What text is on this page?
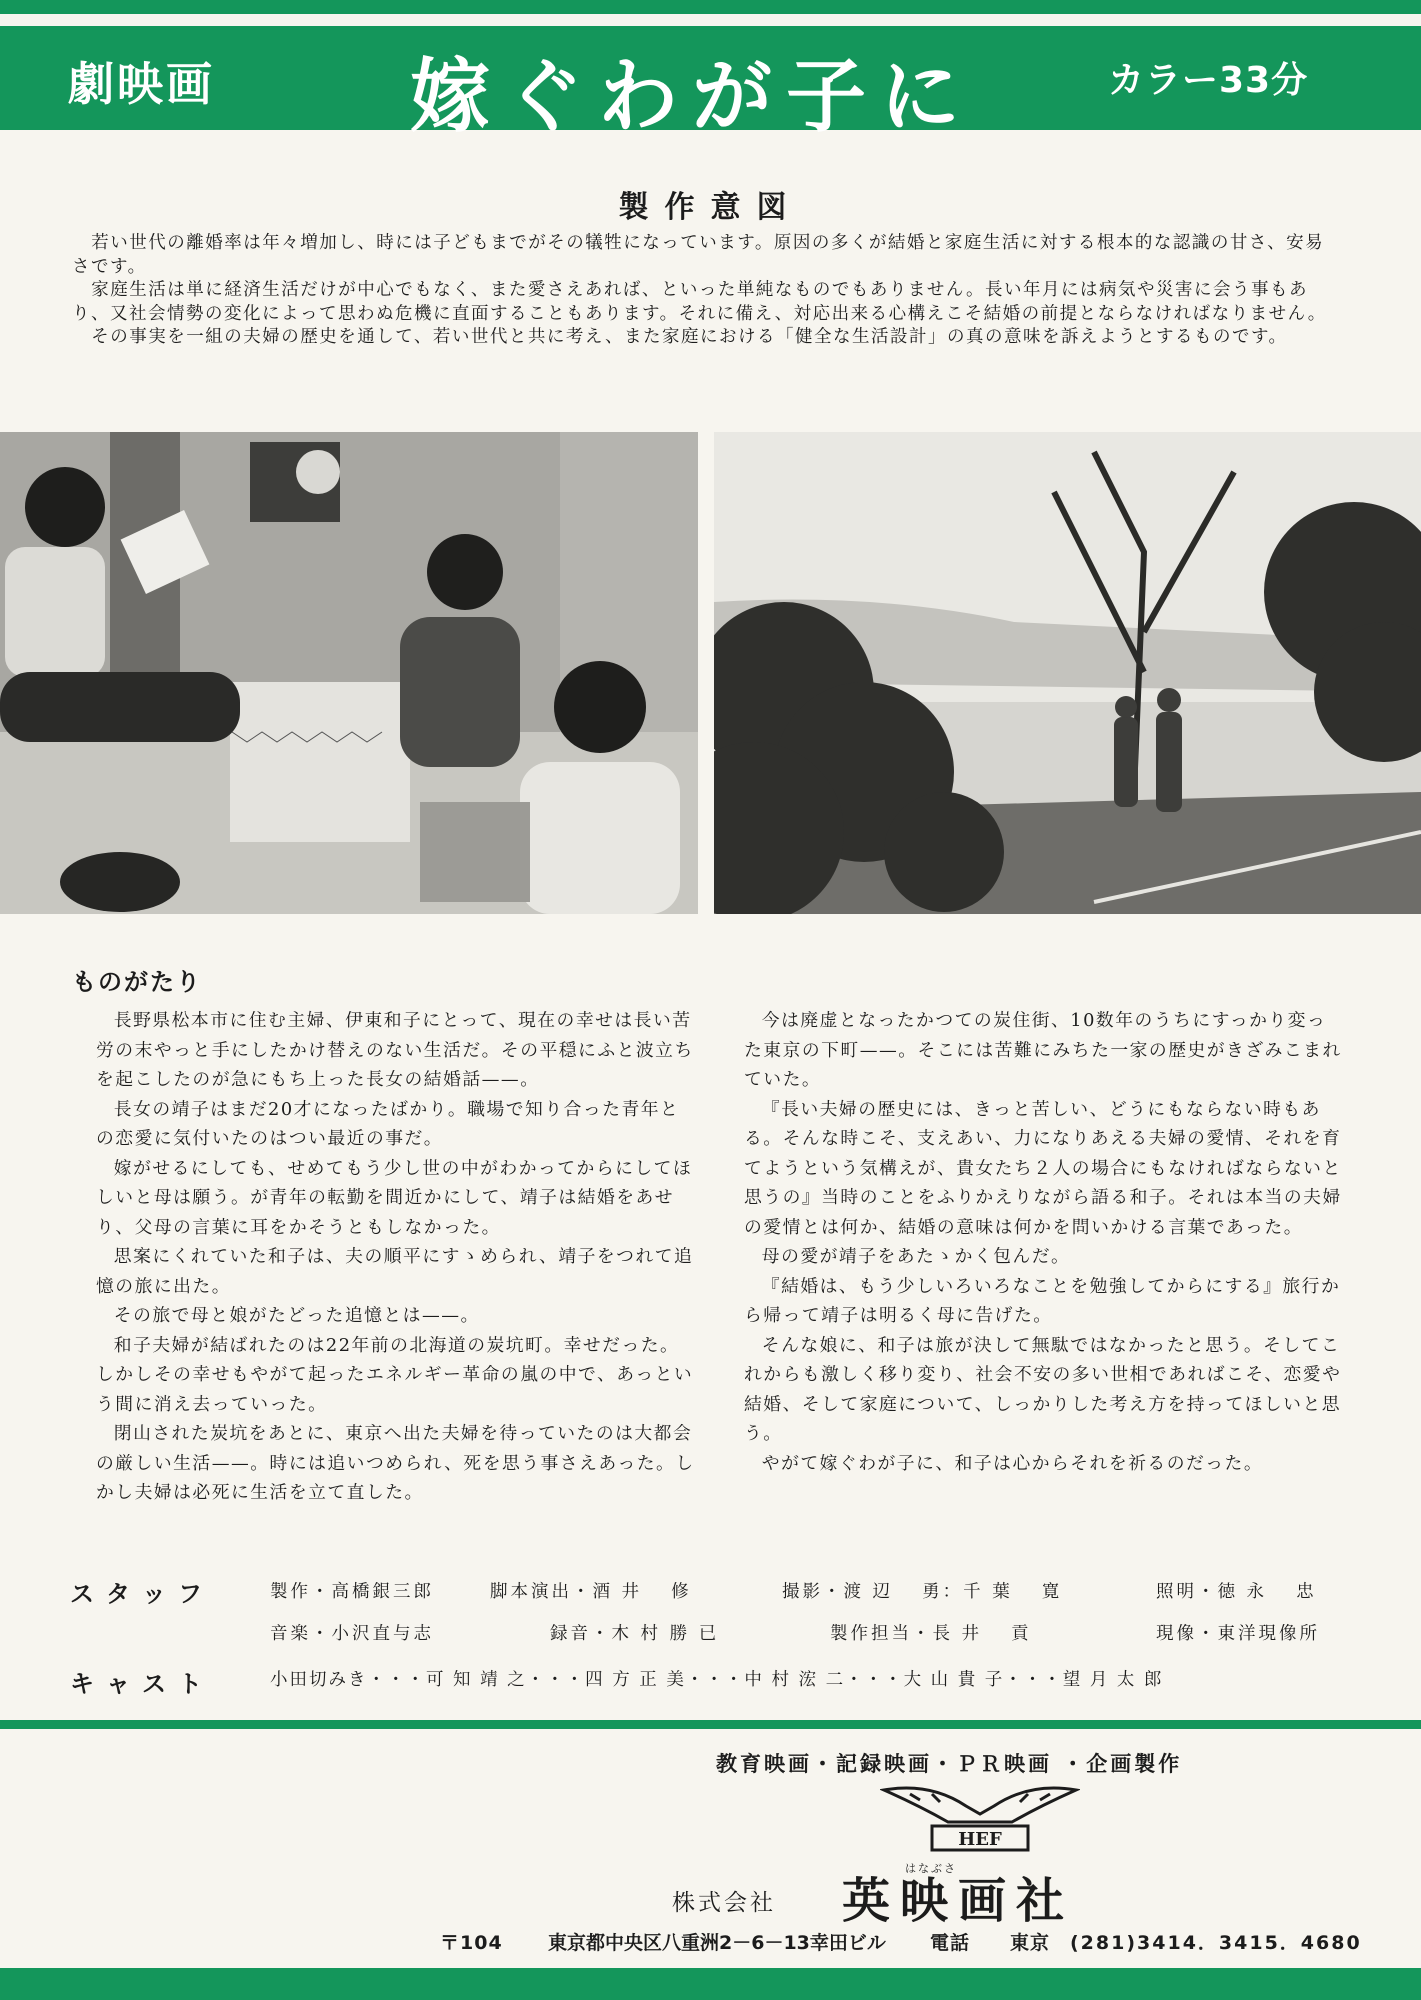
劇映画 嫁ぐわが子に	カラー33分
製作意図

若い世代の離婚率は年々増加し、時には子どもまでがその犠牲になっています。原因の多くが結婚と家庭生活に対する根本的な認識の甘さ、安易さです。

家庭生活は単に経済生活だけが中心でもなく、また愛さえあれば、といった単純なものでもありません。長い年月には病気や災害に会う事もあり、又社会情勢の変化によって思わぬ危機に直面することもあります。それに備え、対応出来る心構えこそ結婚の前提とならなければなりません。

その事実を一組の夫婦の歴史を通して、若い世代と共に考え、また家庭における「健全な生活設計」の真の意味を訴えようとするものです。

ものがたり

長野県松本市に住む主婦、伊東和子にとって、現在の幸せは長い苦労の末やっと手にしたかけ替えのない生活だ。その平穏にふと波立ちを起こしたのが急にもち上った長女の結婚話——。

長女の靖子はまだ20才になったばかり。職場で知り合った青年との恋愛に気付いたのはつい最近の事だ。

嫁がせるにしても、せめてもう少し世の中がわかってからにしてほしいと母は願う。が青年の転勤を間近かにして、靖子は結婚をあせり、父母の言葉に耳をかそうともしなかった。

思案にくれていた和子は、夫の順平にすゝめられ、靖子をつれて追憶の旅に出た。

その旅で母と娘がたどった追憶とは——。

和子夫婦が結ばれたのは22年前の北海道の炭坑町。幸せだった。しかしその幸せもやがて起ったエネルギー革命の嵐の中で、あっという間に消え去っていった。

閉山された炭坑をあとに、東京へ出た夫婦を待っていたのは大都会の厳しい生活——。時には追いつめられ、死を思う事さえあった。しかし夫婦は必死に生活を立て直した。

今は廃虚となったかつての炭住街、10数年のうちにすっかり変った東京の下町——。そこには苦難にみちた一家の歴史がきざみこまれていた。

『長い夫婦の歴史には、きっと苦しい、どうにもならない時もある。そんな時こそ、支えあい、力になりあえる夫婦の愛情、それを育てようという気構えが、貴女たち２人の場合にもなければならないと思うの』当時のことをふりかえりながら語る和子。それは本当の夫婦の愛情とは何か、結婚の意味は何かを問いかける言葉であった。

母の愛が靖子をあたゝかく包んだ。

『結婚は、もう少しいろいろなことを勉強してからにする』旅行から帰って靖子は明るく母に告げた。

そんな娘に、和子は旅が決して無駄ではなかったと思う。そしてこれからも激しく移り変り、社会不安の多い世相であればこそ、恋愛や結婚、そして家庭について、しっかりした考え方を持ってほしいと思う。

やがて嫁ぐわが子に、和子は心からそれを祈るのだった。

スタッフ	製作・高橋銀三郎	脚本演出・酒 井　 修	撮影・渡 辺　 勇：千 葉　 寛	照明・徳 永　 忠
音楽・小沢直与志	録音・木 村 勝 已	製作担当・長 井　 貢	現像・東洋現像所
キャスト	小田切みき・・・可 知 靖 之・・・四 方 正 美・・・中 村 浤 二・・・大 山 貴 子・・・望 月 太 郎
教育映画・記録映画・ＰＲ映画 ・企画製作
HEF
株式会社
はなぶさ
英映画社
〒104 東京都中央区八重洲2－6－13幸田ビル 電話 東京 (281)3414．3415．4680
